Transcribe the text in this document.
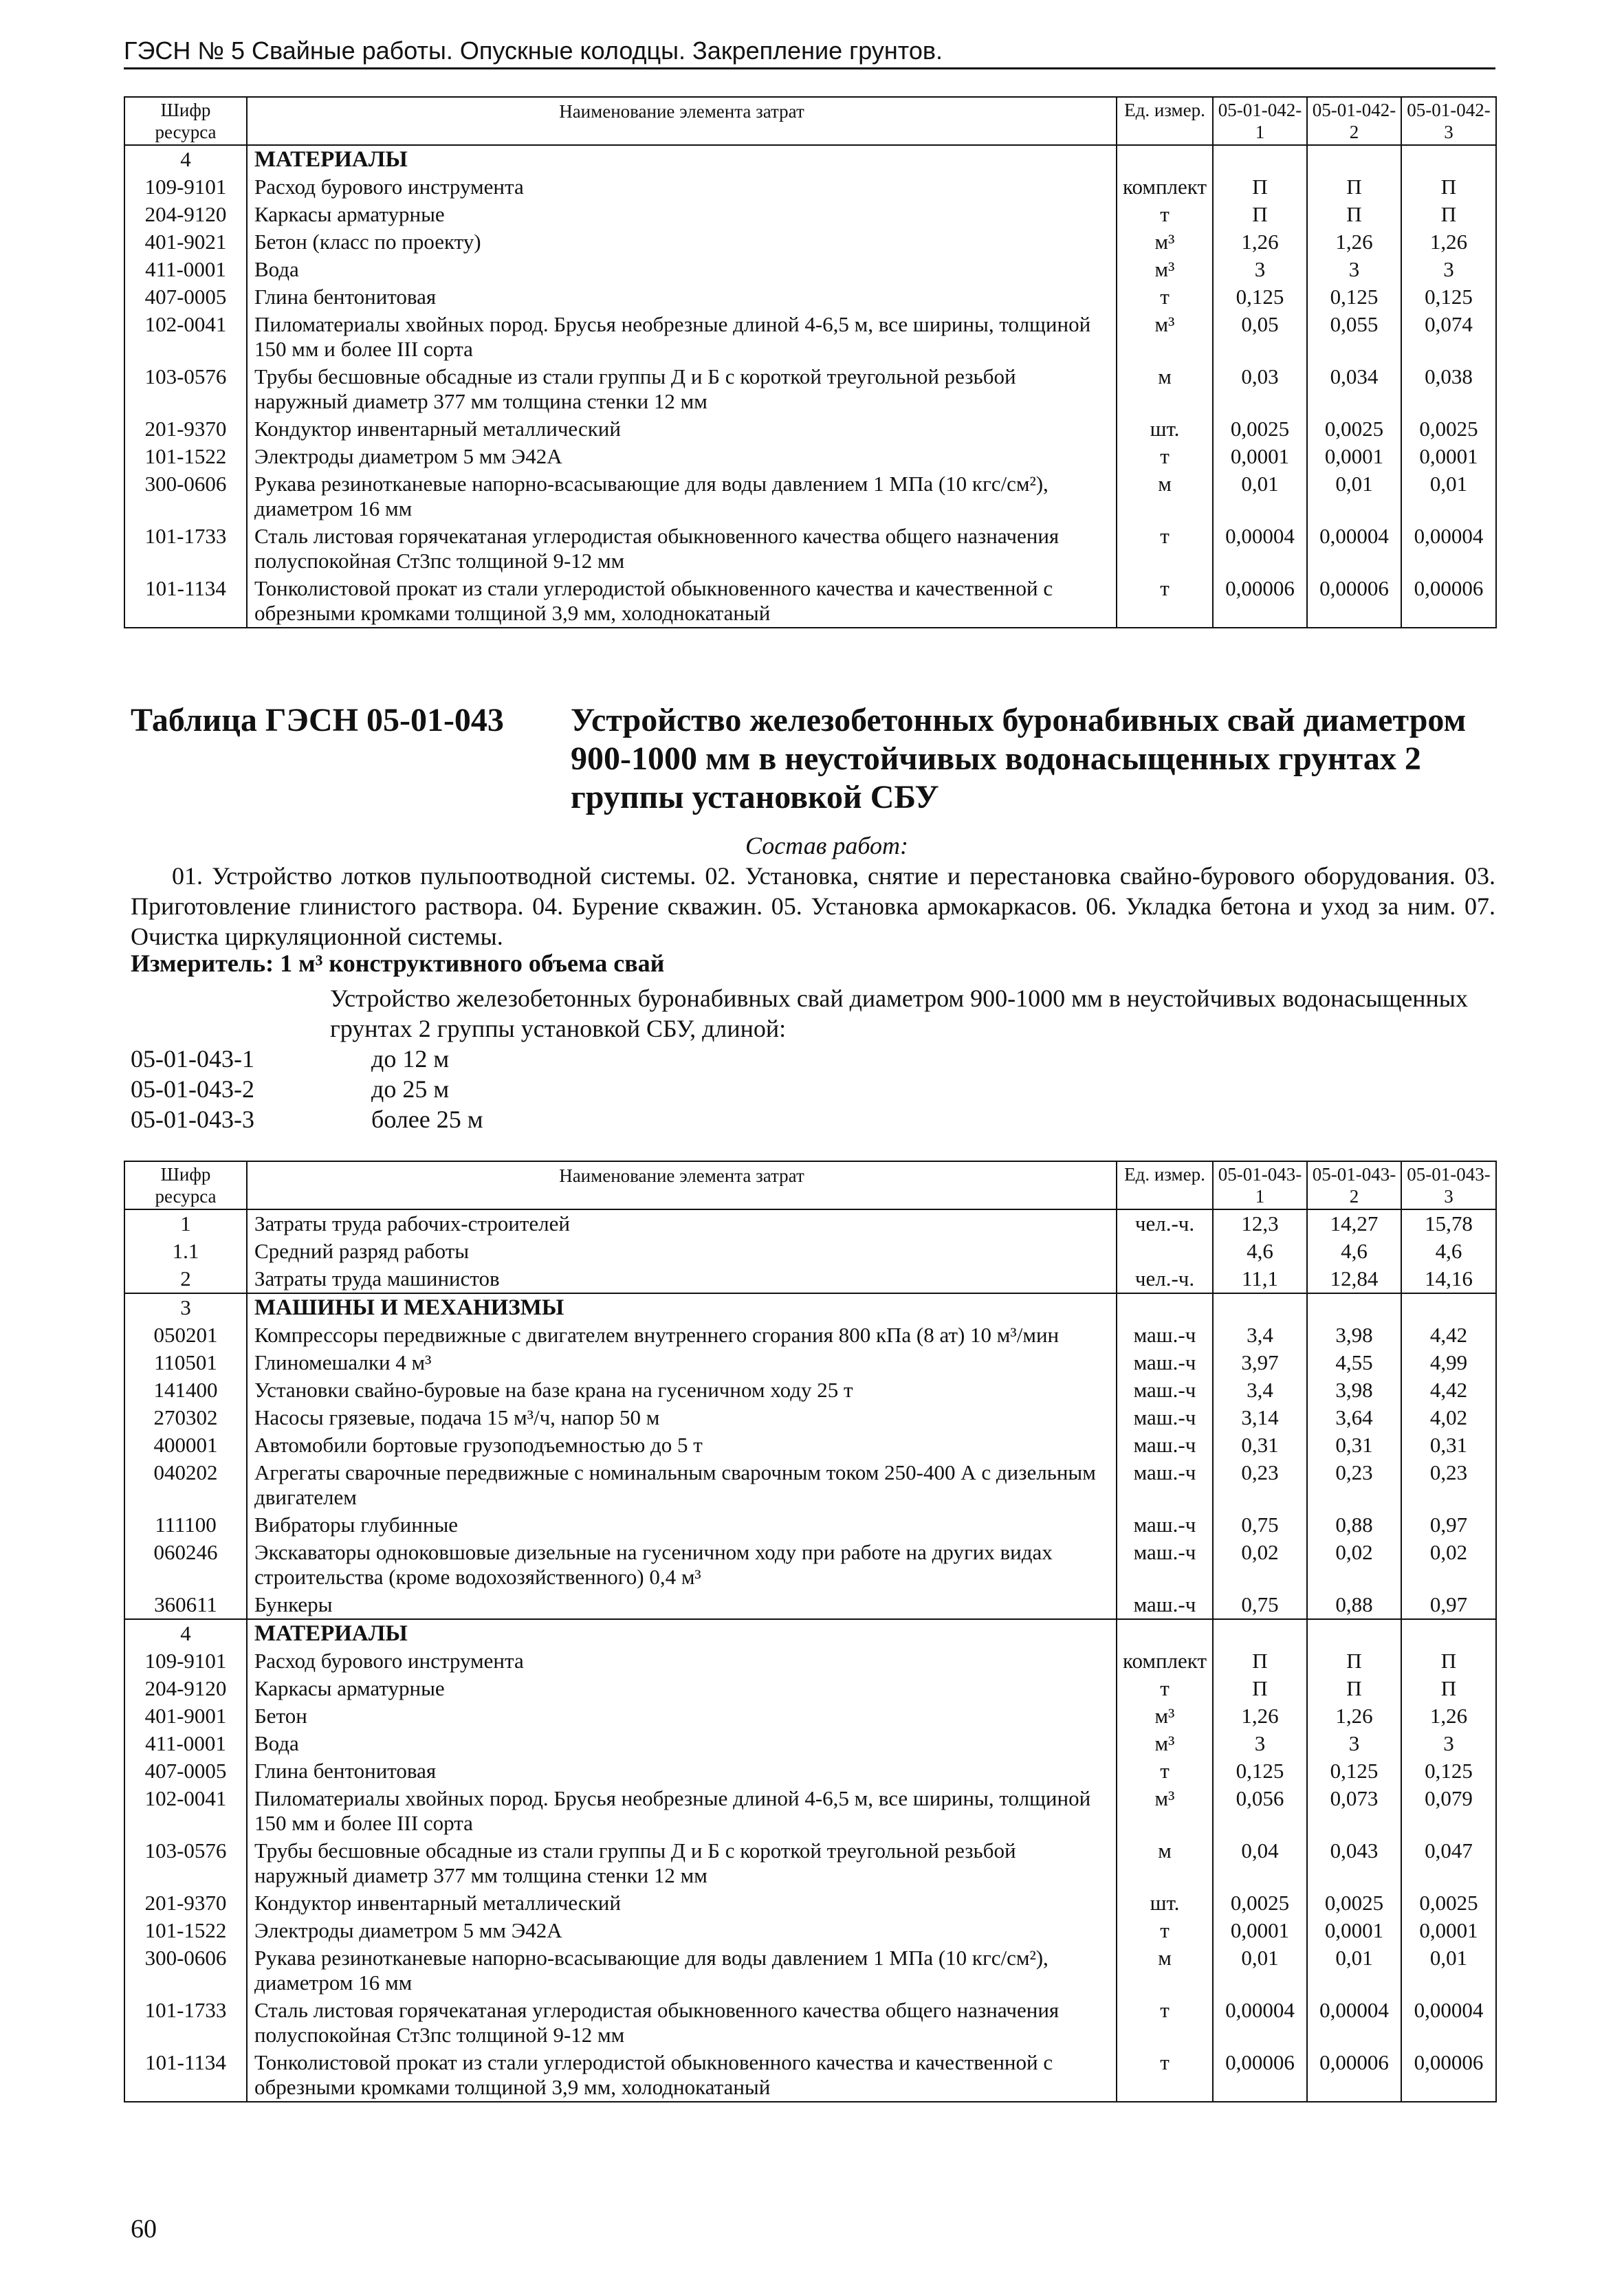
ГЭСН № 5 Свайные работы. Опускные колодцы. Закрепление грунтов.
Шифр ресурса	Наименование элемента затрат	Ед. измер.	05-01-042-1	05-01-042-2	05-01-042-3
4	МАТЕРИАЛЫ				
109-9101	Расход бурового инструмента	комплект	П	П	П
204-9120	Каркасы арматурные	т	П	П	П
401-9021	Бетон (класс по проекту)	м³	1,26	1,26	1,26
411-0001	Вода	м³	3	3	3
407-0005	Глина бентонитовая	т	0,125	0,125	0,125
102-0041	Пиломатериалы хвойных пород. Брусья необрезные длиной 4-6,5 м, все ширины, толщиной 150 мм и более III сорта	м³	0,05	0,055	0,074
103-0576	Трубы бесшовные обсадные из стали группы Д и Б с короткой треугольной резьбой наружный диаметр 377 мм толщина стенки 12 мм	м	0,03	0,034	0,038
201-9370	Кондуктор инвентарный металлический	шт.	0,0025	0,0025	0,0025
101-1522	Электроды диаметром 5 мм Э42А	т	0,0001	0,0001	0,0001
300-0606	Рукава резинотканевые напорно-всасывающие для воды давлением 1 МПа (10 кгс/см²), диаметром 16 мм	м	0,01	0,01	0,01
101-1733	Сталь листовая горячекатаная углеродистая обыкновенного качества общего назначения полуспокойная Ст3пс толщиной 9-12 мм	т	0,00004	0,00004	0,00004
101-1134	Тонколистовой прокат из стали углеродистой обыкновенного качества и качественной с обрезными кромками толщиной 3,9 мм, холоднокатаный	т	0,00006	0,00006	0,00006
Таблица ГЭСН 05-01-043 Устройство железобетонных буронабивных свай диаметром 900-1000 мм в неустойчивых водонасыщенных грунтах 2 группы установкой СБУ
Состав работ:
01. Устройство лотков пульпоотводной системы. 02. Установка, снятие и перестановка свайно-бурового оборудования. 03. Приготовление глинистого раствора. 04. Бурение скважин. 05. Установка армокаркасов. 06. Укладка бетона и уход за ним. 07. Очистка циркуляционной системы.
Измеритель: 1 м³ конструктивного объема свай
Устройство железобетонных буронабивных свай диаметром 900-1000 мм в неустойчивых водонасыщенных грунтах 2 группы установкой СБУ, длиной:
05-01-043-1	до 12 м
05-01-043-2	до 25 м
05-01-043-3	более 25 м
Шифр ресурса	Наименование элемента затрат	Ед. измер.	05-01-043-1	05-01-043-2	05-01-043-3
1	Затраты труда рабочих-строителей	чел.-ч.	12,3	14,27	15,78
1.1	Средний разряд работы		4,6	4,6	4,6
2	Затраты труда машинистов	чел.-ч.	11,1	12,84	14,16
3	МАШИНЫ И МЕХАНИЗМЫ				
050201	Компрессоры передвижные с двигателем внутреннего сгорания 800 кПа (8 ат) 10 м³/мин	маш.-ч	3,4	3,98	4,42
110501	Глиномешалки 4 м³	маш.-ч	3,97	4,55	4,99
141400	Установки свайно-буровые на базе крана на гусеничном ходу 25 т	маш.-ч	3,4	3,98	4,42
270302	Насосы грязевые, подача 15 м³/ч, напор 50 м	маш.-ч	3,14	3,64	4,02
400001	Автомобили бортовые грузоподъемностью до 5 т	маш.-ч	0,31	0,31	0,31
040202	Агрегаты сварочные передвижные с номинальным сварочным током 250-400 А с дизельным двигателем	маш.-ч	0,23	0,23	0,23
111100	Вибраторы глубинные	маш.-ч	0,75	0,88	0,97
060246	Экскаваторы одноковшовые дизельные на гусеничном ходу при работе на других видах строительства (кроме водохозяйственного) 0,4 м³	маш.-ч	0,02	0,02	0,02
360611	Бункеры	маш.-ч	0,75	0,88	0,97
4	МАТЕРИАЛЫ				
109-9101	Расход бурового инструмента	комплект	П	П	П
204-9120	Каркасы арматурные	т	П	П	П
401-9001	Бетон	м³	1,26	1,26	1,26
411-0001	Вода	м³	3	3	3
407-0005	Глина бентонитовая	т	0,125	0,125	0,125
102-0041	Пиломатериалы хвойных пород. Брусья необрезные длиной 4-6,5 м, все ширины, толщиной 150 мм и более III сорта	м³	0,056	0,073	0,079
103-0576	Трубы бесшовные обсадные из стали группы Д и Б с короткой треугольной резьбой наружный диаметр 377 мм толщина стенки 12 мм	м	0,04	0,043	0,047
201-9370	Кондуктор инвентарный металлический	шт.	0,0025	0,0025	0,0025
101-1522	Электроды диаметром 5 мм Э42А	т	0,0001	0,0001	0,0001
300-0606	Рукава резинотканевые напорно-всасывающие для воды давлением 1 МПа (10 кгс/см²), диаметром 16 мм	м	0,01	0,01	0,01
101-1733	Сталь листовая горячекатаная углеродистая обыкновенного качества общего назначения полуспокойная Ст3пс толщиной 9-12 мм	т	0,00004	0,00004	0,00004
101-1134	Тонколистовой прокат из стали углеродистой обыкновенного качества и качественной с обрезными кромками толщиной 3,9 мм, холоднокатаный	т	0,00006	0,00006	0,00006
60
